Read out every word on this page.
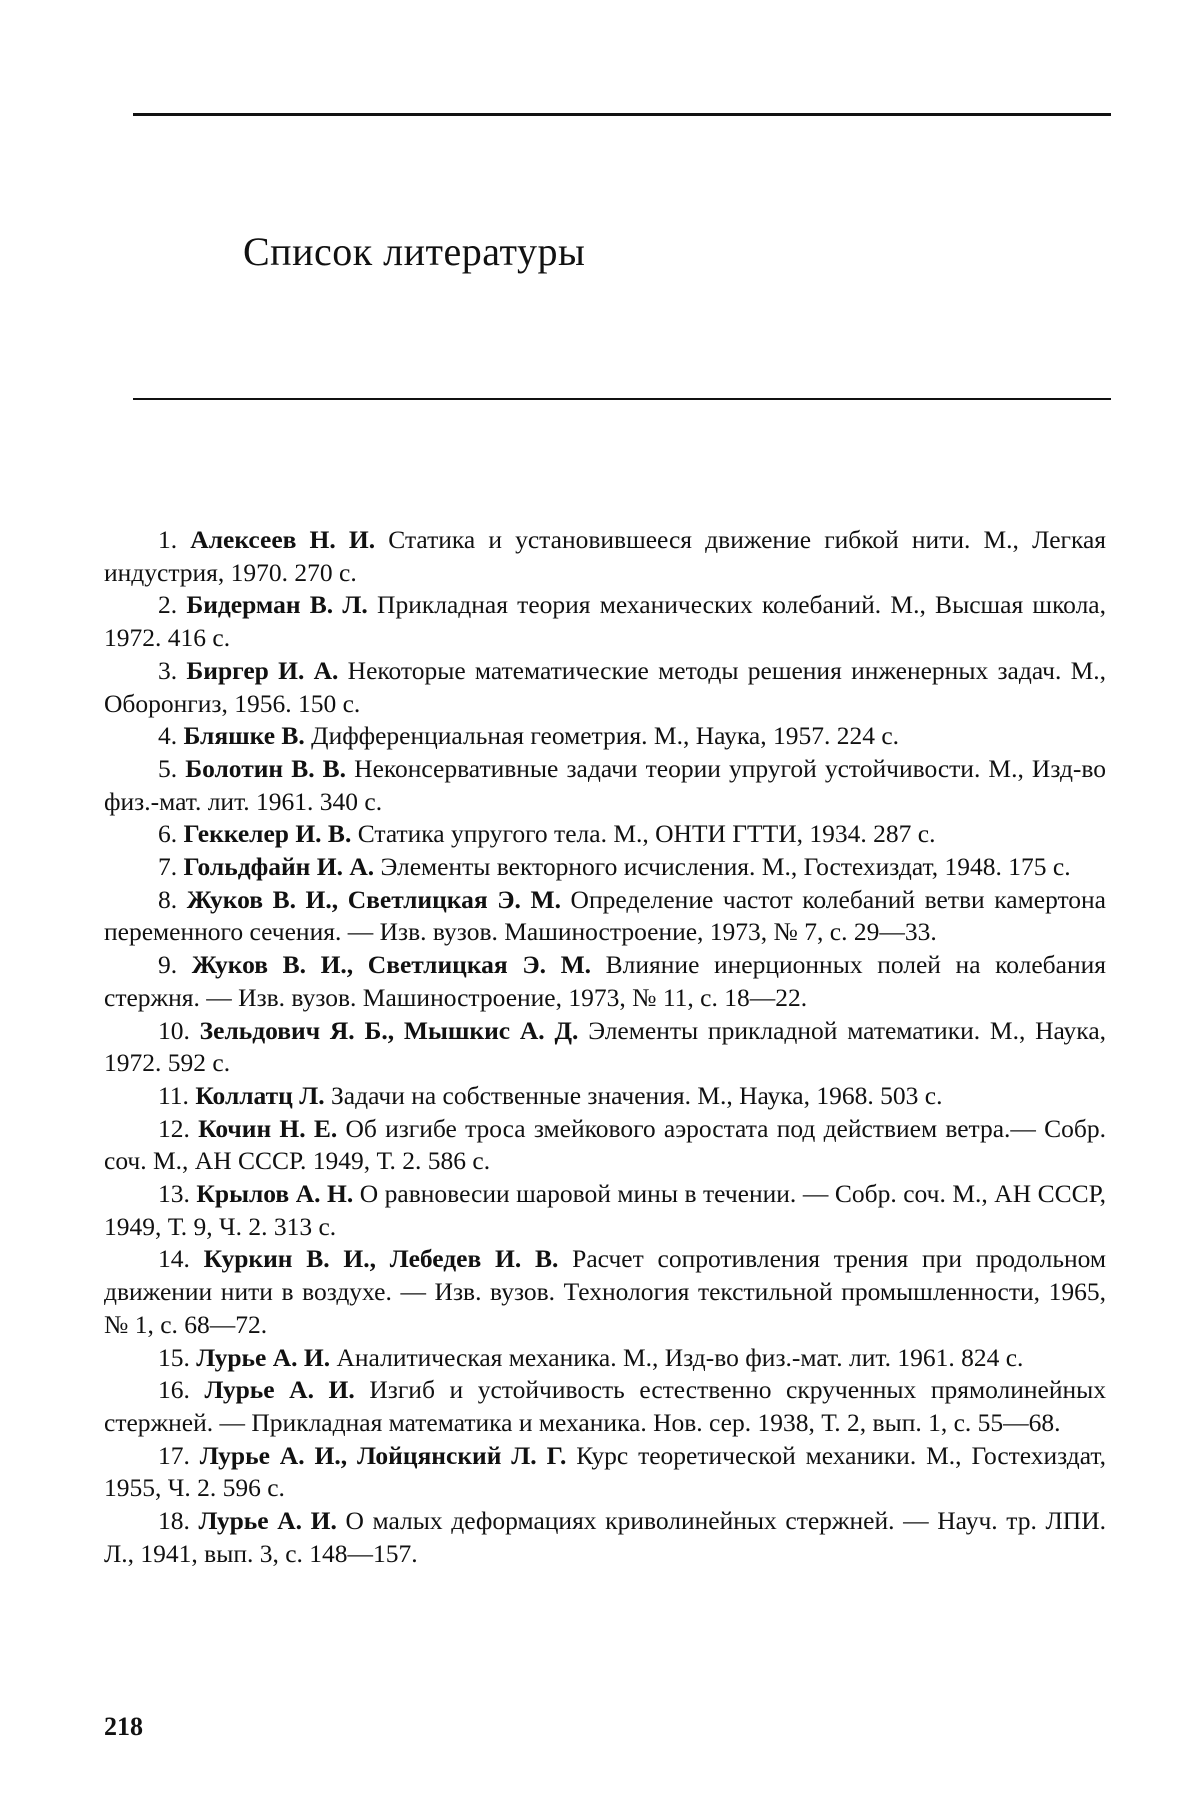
Список литературы
1. Алексеев Н. И. Статика и установившееся движение гибкой нити. М., Легкая индустрия, 1970. 270 с.
2. Бидерман В. Л. Прикладная теория механических колебаний. М., Высшая школа, 1972. 416 с.
3. Биргер И. А. Некоторые математические методы решения инженерных задач. М., Оборонгиз, 1956. 150 с.
4. Бляшке В. Дифференциальная геометрия. М., Наука, 1957. 224 с.
5. Болотин В. В. Неконсервативные задачи теории упругой устойчивости. М., Изд-во физ.-мат. лит. 1961. 340 с.
6. Геккелер И. В. Статика упругого тела. М., ОНТИ ГТТИ, 1934. 287 с.
7. Гольдфайн И. А. Элементы векторного исчисления. М., Гостехиздат, 1948. 175 с.
8. Жуков В. И., Светлицкая Э. М. Определение частот колебаний ветви камертона переменного сечения. — Изв. вузов. Машиностроение, 1973, № 7, с. 29—33.
9. Жуков В. И., Светлицкая Э. М. Влияние инерционных полей на колебания стержня. — Изв. вузов. Машиностроение, 1973, № 11, с. 18—22.
10. Зельдович Я. Б., Мышкис А. Д. Элементы прикладной математики. М., Наука, 1972. 592 с.
11. Коллатц Л. Задачи на собственные значения. М., Наука, 1968. 503 с.
12. Кочин Н. Е. Об изгибе троса змейкового аэростата под действием ветра.— Собр. соч. М., АН СССР. 1949, Т. 2. 586 с.
13. Крылов А. Н. О равновесии шаровой мины в течении. — Собр. соч. М., АН СССР, 1949, Т. 9, Ч. 2. 313 с.
14. Куркин В. И., Лебедев И. В. Расчет сопротивления трения при продольном движении нити в воздухе. — Изв. вузов. Технология текстильной промышленности, 1965, № 1, с. 68—72.
15. Лурье А. И. Аналитическая механика. М., Изд-во физ.-мат. лит. 1961. 824 с.
16. Лурье А. И. Изгиб и устойчивость естественно скрученных прямолинейных стержней. — Прикладная математика и механика. Нов. сер. 1938, Т. 2, вып. 1, с. 55—68.
17. Лурье А. И., Лойцянский Л. Г. Курс теоретической механики. М., Гостехиздат, 1955, Ч. 2. 596 с.
18. Лурье А. И. О малых деформациях криволинейных стержней. — Науч. тр. ЛПИ. Л., 1941, вып. 3, с. 148—157.
218
